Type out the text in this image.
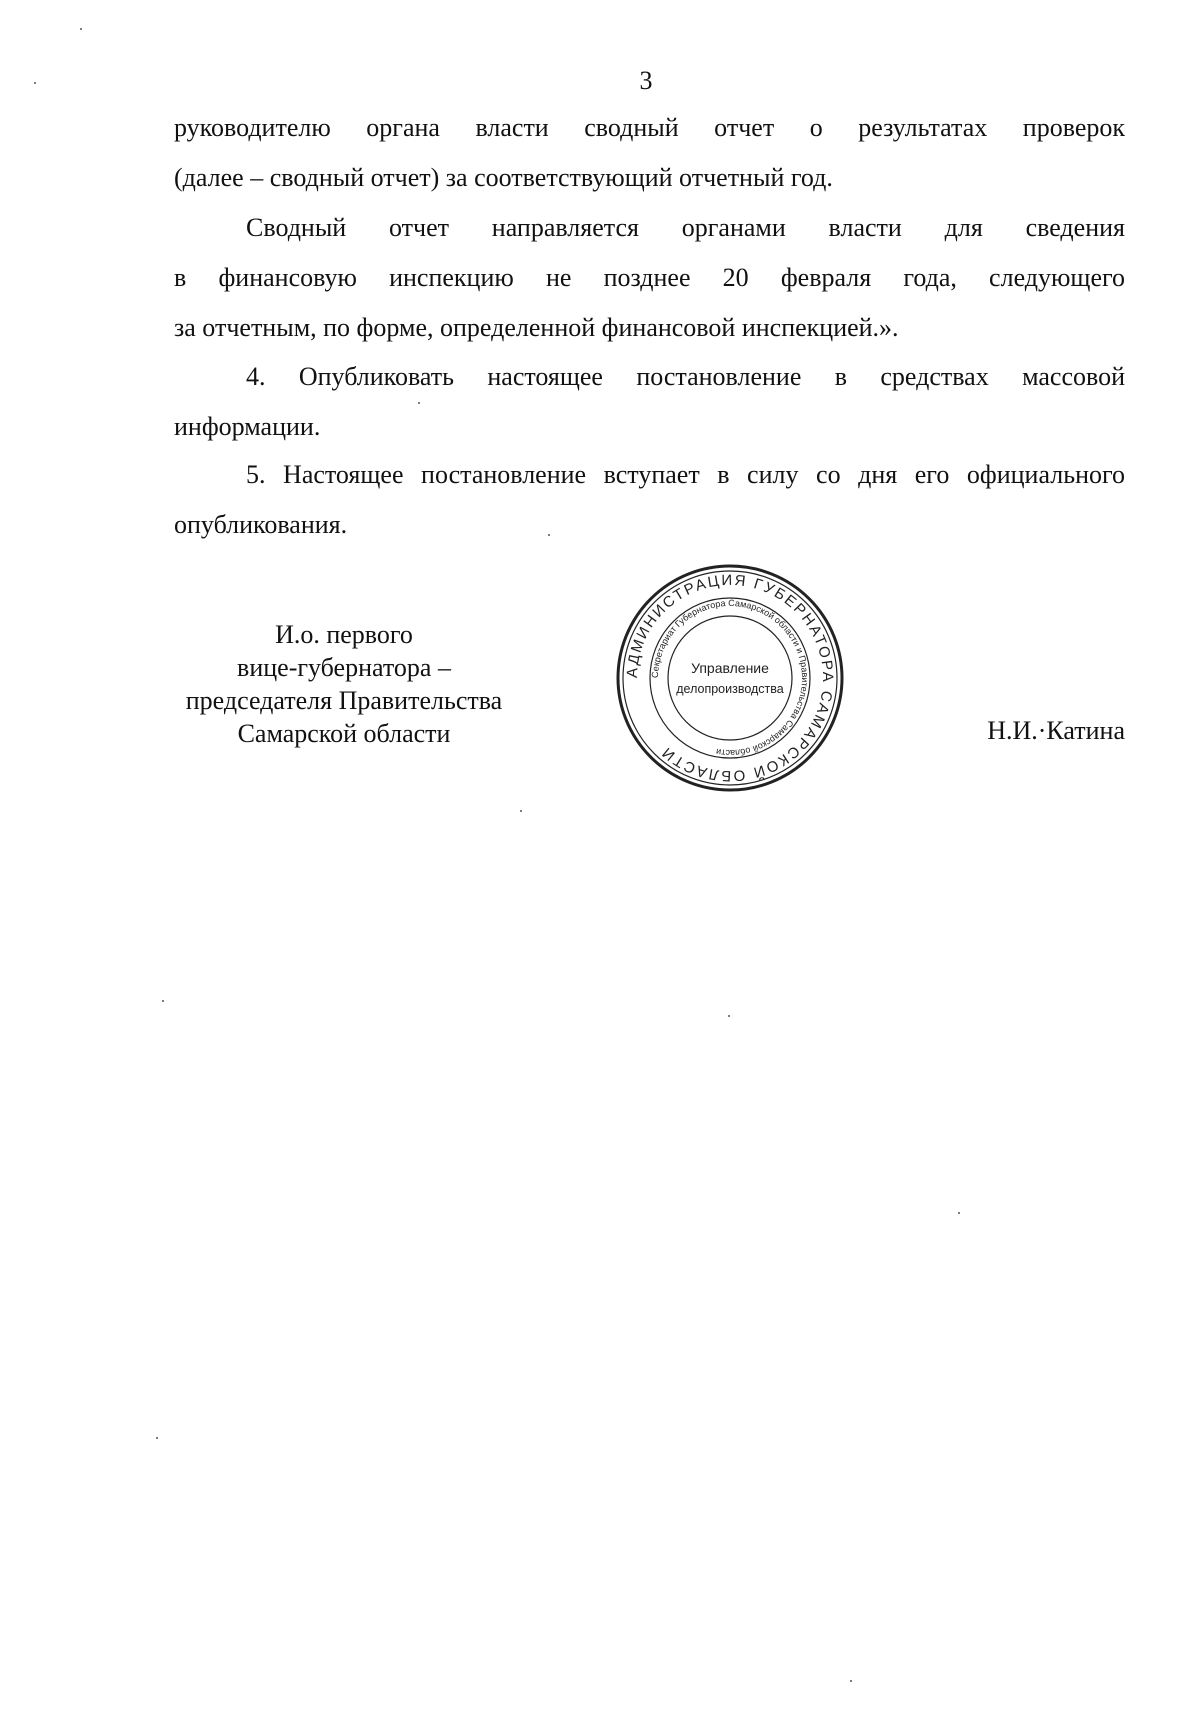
3
руководителю органа власти сводный отчет о результатах проверок
(далее – сводный отчет) за соответствующий отчетный год.
Сводный отчет направляется органами власти для сведения
в финансовую инспекцию не позднее 20 февраля года, следующего
за отчетным, по форме, определенной финансовой инспекцией.».
4. Опубликовать настоящее постановление в средствах массовой
информации.
5. Настоящее постановление вступает в силу со дня его официального
опубликования.
И.о. первого
вице-губернатора –
председателя Правительства
Самарской области	Н.И.·Катина
АДМИНИСТРАЦИЯ ГУБЕРНАТОРА САМАРСКОЙ ОБЛАСТИ
Секретариат Губернатора Самарской области и Правительства Самарской области
Управление
делопроизводства
